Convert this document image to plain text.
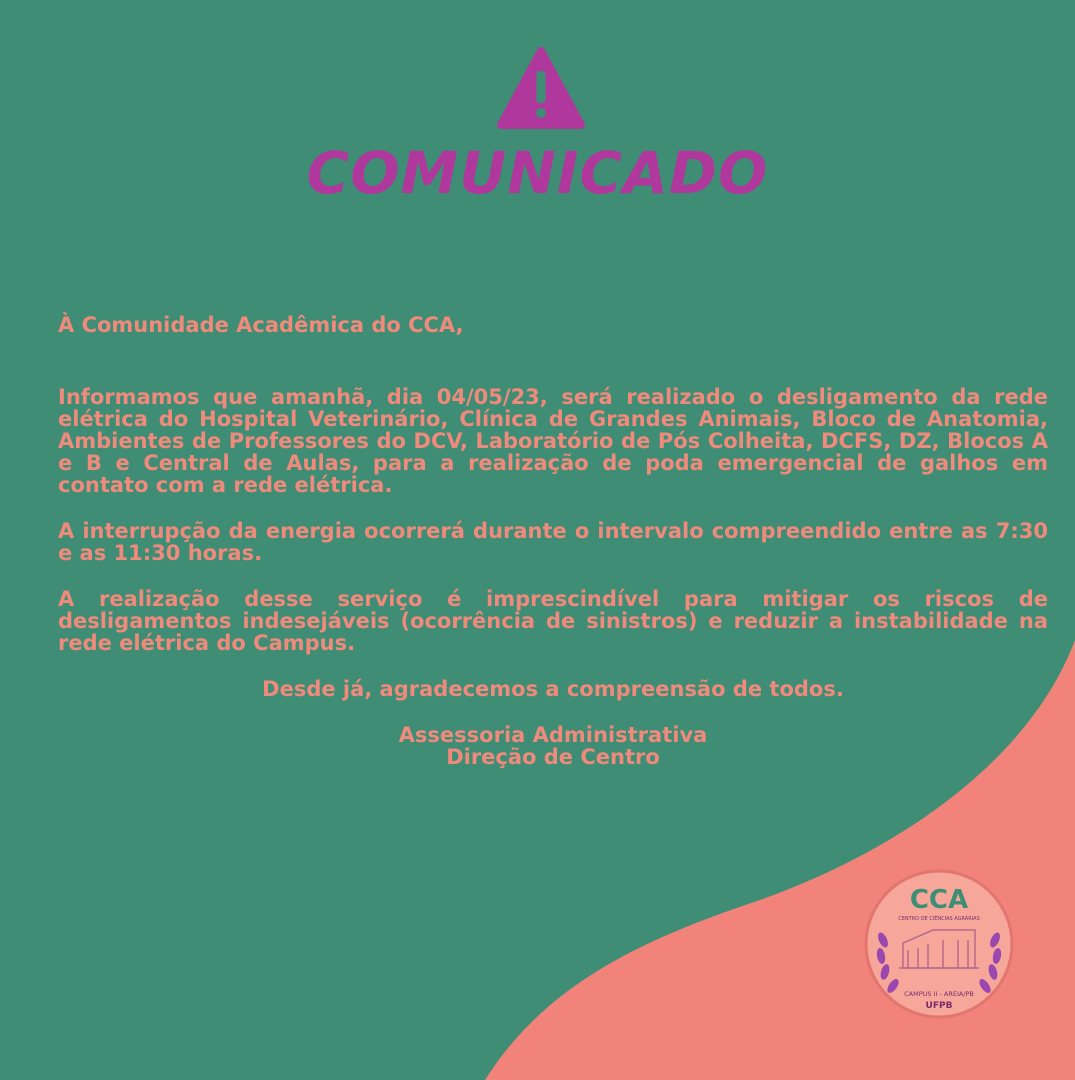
COMUNICADO

À Comunidade Acadêmica do CCA,

Informamos que amanhã, dia 04/05/23, será realizado o desligamento da rede elétrica do Hospital Veterinário, Clínica de Grandes Animais, Bloco de Anatomia, Ambientes de Professores do DCV, Laboratório de Pós Colheita, DCFS, DZ, Blocos A e B e Central de Aulas, para a realização de poda emergencial de galhos em contato com a rede elétrica.

A interrupção da energia ocorrerá durante o intervalo compreendido entre as 7:30 e as 11:30 horas.

A realização desse serviço é imprescindível para mitigar os riscos de desligamentos indesejáveis (ocorrência de sinistros) e reduzir a instabilidade na rede elétrica do Campus.

Desde já, agradecemos a compreensão de todos.

Assessoria Administrativa

Direção de Centro

CCA
CENTRO DE CIÊNCIAS AGRÁRIAS
CAMPUS II - AREIA/PB
UFPB
